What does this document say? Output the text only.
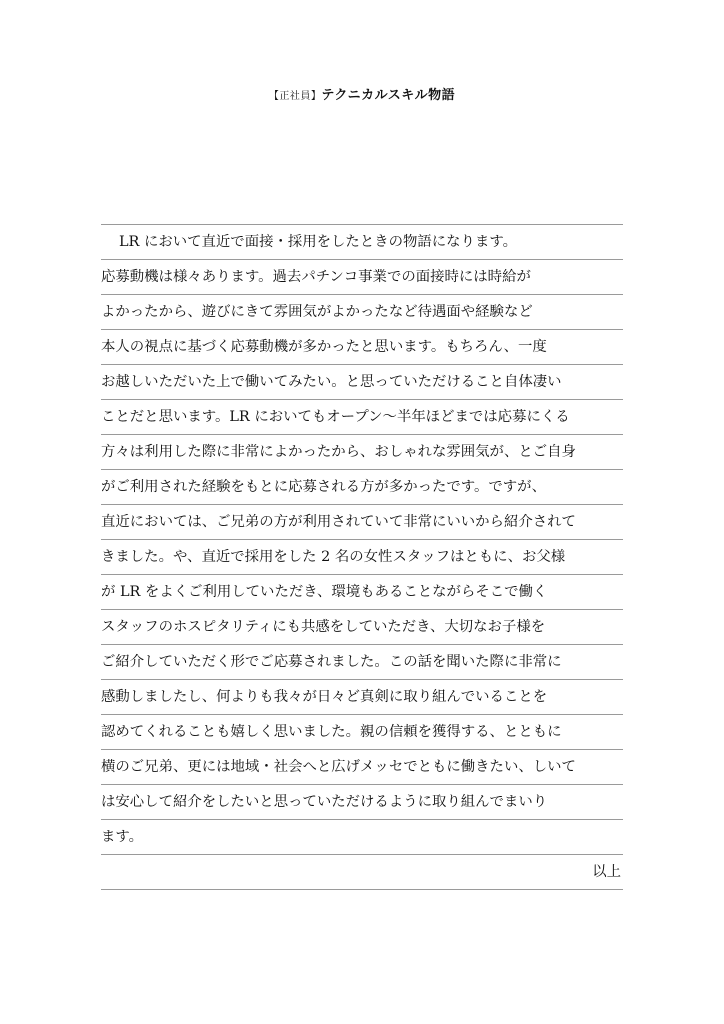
【正社員】テクニカルスキル物語
LR において直近で面接・採用をしたときの物語になります。
応募動機は様々あります。過去パチンコ事業での面接時には時給が
よかったから、遊びにきて雰囲気がよかったなど待遇面や経験など
本人の視点に基づく応募動機が多かったと思います。もちろん、一度
お越しいただいた上で働いてみたい。と思っていただけること自体凄い
ことだと思います。LR においてもオープン～半年ほどまでは応募にくる
方々は利用した際に非常によかったから、おしゃれな雰囲気が、とご自身
がご利用された経験をもとに応募される方が多かったです。ですが、
直近においては、ご兄弟の方が利用されていて非常にいいから紹介されて
きました。や、直近で採用をした 2 名の女性スタッフはともに、お父様
が LR をよくご利用していただき、環境もあることながらそこで働く
スタッフのホスピタリティにも共感をしていただき、大切なお子様を
ご紹介していただく形でご応募されました。この話を聞いた際に非常に
感動しましたし、何よりも我々が日々ど真剣に取り組んでいることを
認めてくれることも嬉しく思いました。親の信頼を獲得する、とともに
横のご兄弟、更には地域・社会へと広げメッセでともに働きたい、しいて
は安心して紹介をしたいと思っていただけるように取り組んでまいり
ます。
以上
